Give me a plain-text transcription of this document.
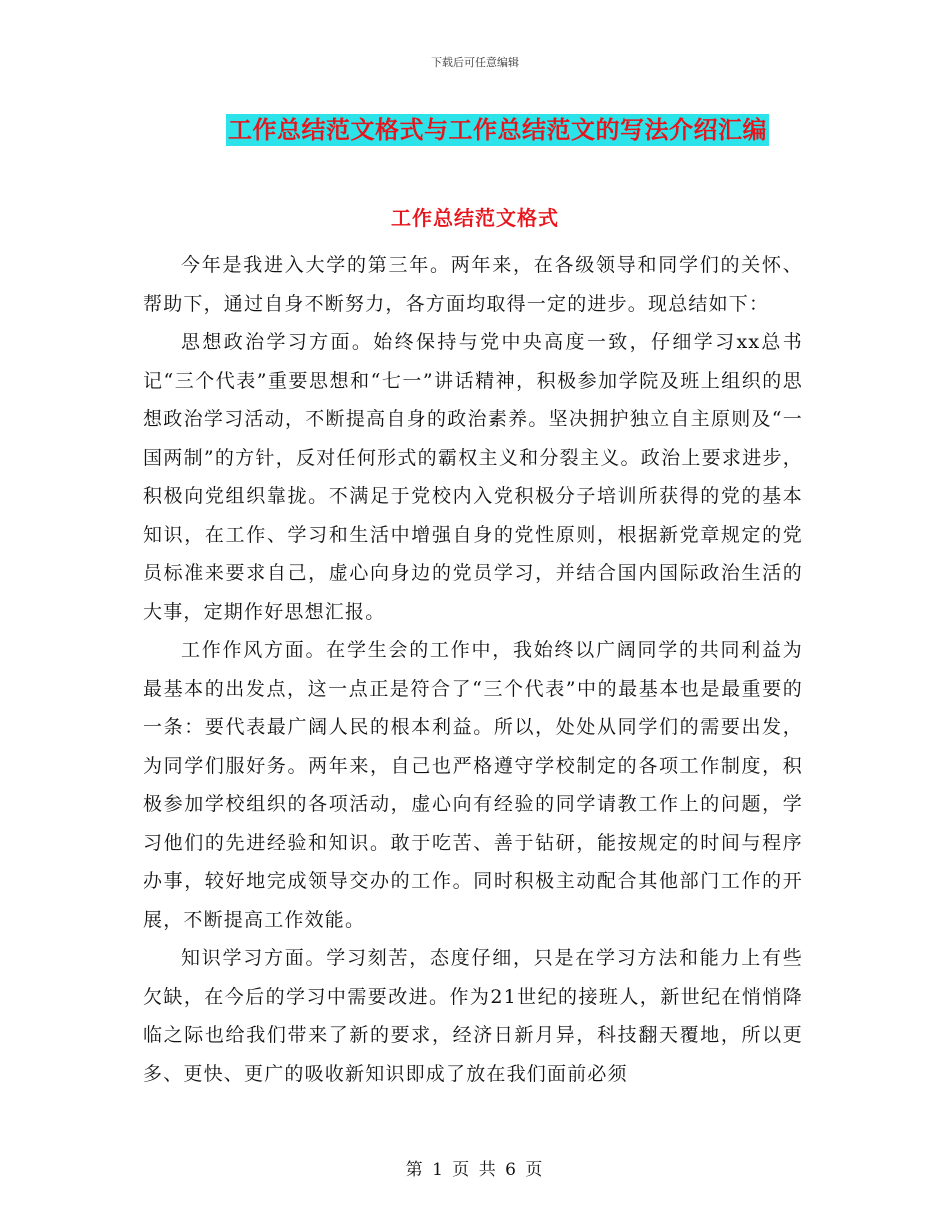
下载后可任意编辑
工作总结范文格式与工作总结范文的写法介绍汇编
工作总结范文格式

今年是我进入大学的第三年。两年来，在各级领导和同学们的关怀、帮助下，通过自身不断努力，各方面均取得一定的进步。现总结如下：

思想政治学习方面。始终保持与党中央高度一致，仔细学习xx总书记“三个代表”重要思想和“七一”讲话精神，积极参加学院及班上组织的思想政治学习活动，不断提高自身的政治素养。坚决拥护独立自主原则及“一国两制”的方针，反对任何形式的霸权主义和分裂主义。政治上要求进步，积极向党组织靠拢。不满足于党校内入党积极分子培训所获得的党的基本知识，在工作、学习和生活中增强自身的党性原则，根据新党章规定的党员标准来要求自己，虚心向身边的党员学习，并结合国内国际政治生活的大事，定期作好思想汇报。

工作作风方面。在学生会的工作中，我始终以广阔同学的共同利益为最基本的出发点，这一点正是符合了“三个代表”中的最基本也是最重要的一条：要代表最广阔人民的根本利益。所以，处处从同学们的需要出发，为同学们服好务。两年来，自己也严格遵守学校制定的各项工作制度，积极参加学校组织的各项活动，虚心向有经验的同学请教工作上的问题，学习他们的先进经验和知识。敢于吃苦、善于钻研，能按规定的时间与程序办事，较好地完成领导交办的工作。同时积极主动配合其他部门工作的开展，不断提高工作效能。

知识学习方面。学习刻苦，态度仔细，只是在学习方法和能力上有些欠缺，在今后的学习中需要改进。作为21世纪的接班人，新世纪在悄悄降临之际也给我们带来了新的要求，经济日新月异，科技翻天覆地，所以更多、更快、更广的吸收新知识即成了放在我们面前必须

第 1 页 共 6 页
